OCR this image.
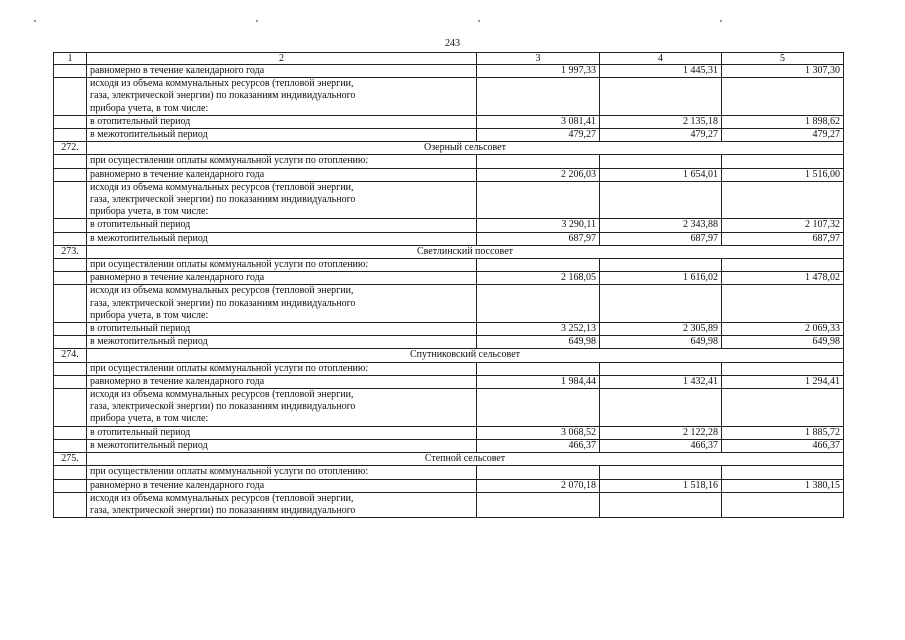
243
1	2	3	4	5
	равномерно в течение календарного года	1 997,33	1 445,31	1 307,30
	исходя из объема коммунальных ресурсов (тепловой энергии,
газа, электрической энергии) по показаниям индивидуального
прибора учета, в том числе:			
	в отопительный период	3 081,41	2 135,18	1 898,62
	в межотопительный период	479,27	479,27	479,27
272.	Озерный сельсовет			
	при осуществлении оплаты коммунальной услуги по отоплению:			
	равномерно в течение календарного года	2 206,03	1 654,01	1 516,00
	исходя из объема коммунальных ресурсов (тепловой энергии,
газа, электрической энергии) по показаниям индивидуального
прибора учета, в том числе:			
	в отопительный период	3 290,11	2 343,88	2 107,32
	в межотопительный период	687,97	687,97	687,97
273.	Светлинский поссовет			
	при осуществлении оплаты коммунальной услуги по отоплению:			
	равномерно в течение календарного года	2 168,05	1 616,02	1 478,02
	исходя из объема коммунальных ресурсов (тепловой энергии,
газа, электрической энергии) по показаниям индивидуального
прибора учета, в том числе:			
	в отопительный период	3 252,13	2 305,89	2 069,33
	в межотопительный период	649,98	649,98	649,98
274.	Спутниковский сельсовет			
	при осуществлении оплаты коммунальной услуги по отоплению:			
	равномерно в течение календарного года	1 984,44	1 432,41	1 294,41
	исходя из объема коммунальных ресурсов (тепловой энергии,
газа, электрической энергии) по показаниям индивидуального
прибора учета, в том числе:			
	в отопительный период	3 068,52	2 122,28	1 885,72
	в межотопительный период	466,37	466,37	466,37
275.	Степной сельсовет			
	при осуществлении оплаты коммунальной услуги по отоплению:			
	равномерно в течение календарного года	2 070,18	1 518,16	1 380,15
	исходя из объема коммунальных ресурсов (тепловой энергии,
газа, электрической энергии) по показаниям индивидуального			
